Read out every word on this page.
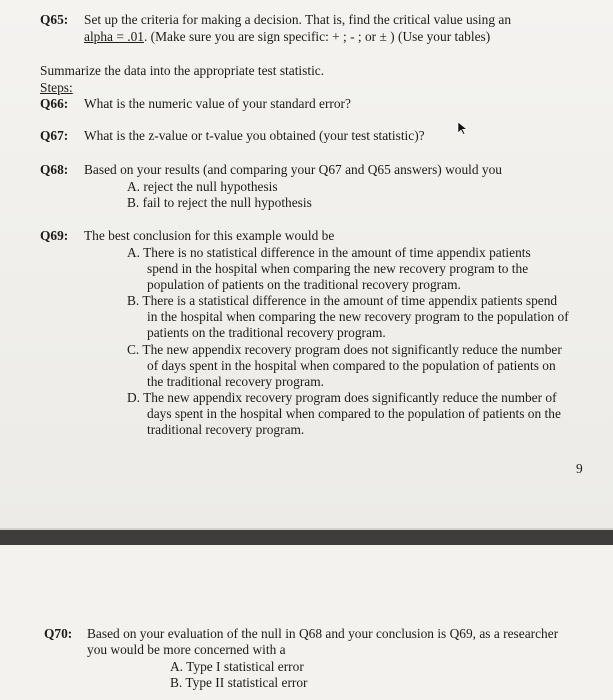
Q65: Set up the criteria for making a decision. That is, find the critical value using an
alpha = .01. (Make sure you are sign specific: + ; - ; or ± ) (Use your tables)
Summarize the data into the appropriate test statistic.
Steps:
Q66: What is the numeric value of your standard error?
Q67: What is the z-value or t-value you obtained (your test statistic)?
Q68: Based on your results (and comparing your Q67 and Q65 answers) would you
A. reject the null hypothesis
B. fail to reject the null hypothesis
Q69: The best conclusion for this example would be
A. There is no statistical difference in the amount of time appendix patients
spend in the hospital when comparing the new recovery program to the
population of patients on the traditional recovery program.
B. There is a statistical difference in the amount of time appendix patients spend
in the hospital when comparing the new recovery program to the population of
patients on the traditional recovery program.
C. The new appendix recovery program does not significantly reduce the number
of days spent in the hospital when compared to the population of patients on
the traditional recovery program.
D. The new appendix recovery program does significantly reduce the number of
days spent in the hospital when compared to the population of patients on the
traditional recovery program.
9
Q70: Based on your evaluation of the null in Q68 and your conclusion is Q69, as a researcher
you would be more concerned with a
A. Type I statistical error
B. Type II statistical error
